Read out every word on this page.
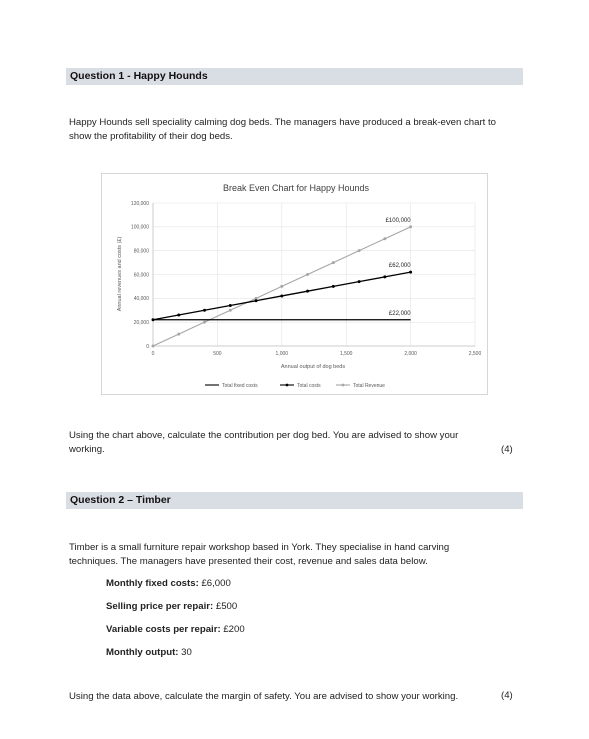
Question 1 - Happy Hounds
Happy Hounds sell speciality calming dog beds. The managers have produced a break-even chart to
show the profitability of their dog beds.
Break Even Chart for Happy Hounds
0
20,000
40,000
60,000
80,000
100,000
120,000
0	500	1,000	1,500	2,000	2,500
£100,000
£62,000
£22,000
Annual revenues and costs (£)
Annual output of dog beds
Total fixed costs	Total costs	Total Revenue
Using the chart above, calculate the contribution per dog bed. You are advised to show your
working.	(4)
Question 2 – Timber
Timber is a small furniture repair workshop based in York. They specialise in hand carving
techniques. The managers have presented their cost, revenue and sales data below.
Monthly fixed costs: £6,000
Selling price per repair: £500
Variable costs per repair: £200
Monthly output: 30
Using the data above, calculate the margin of safety. You are advised to show your working.	(4)
